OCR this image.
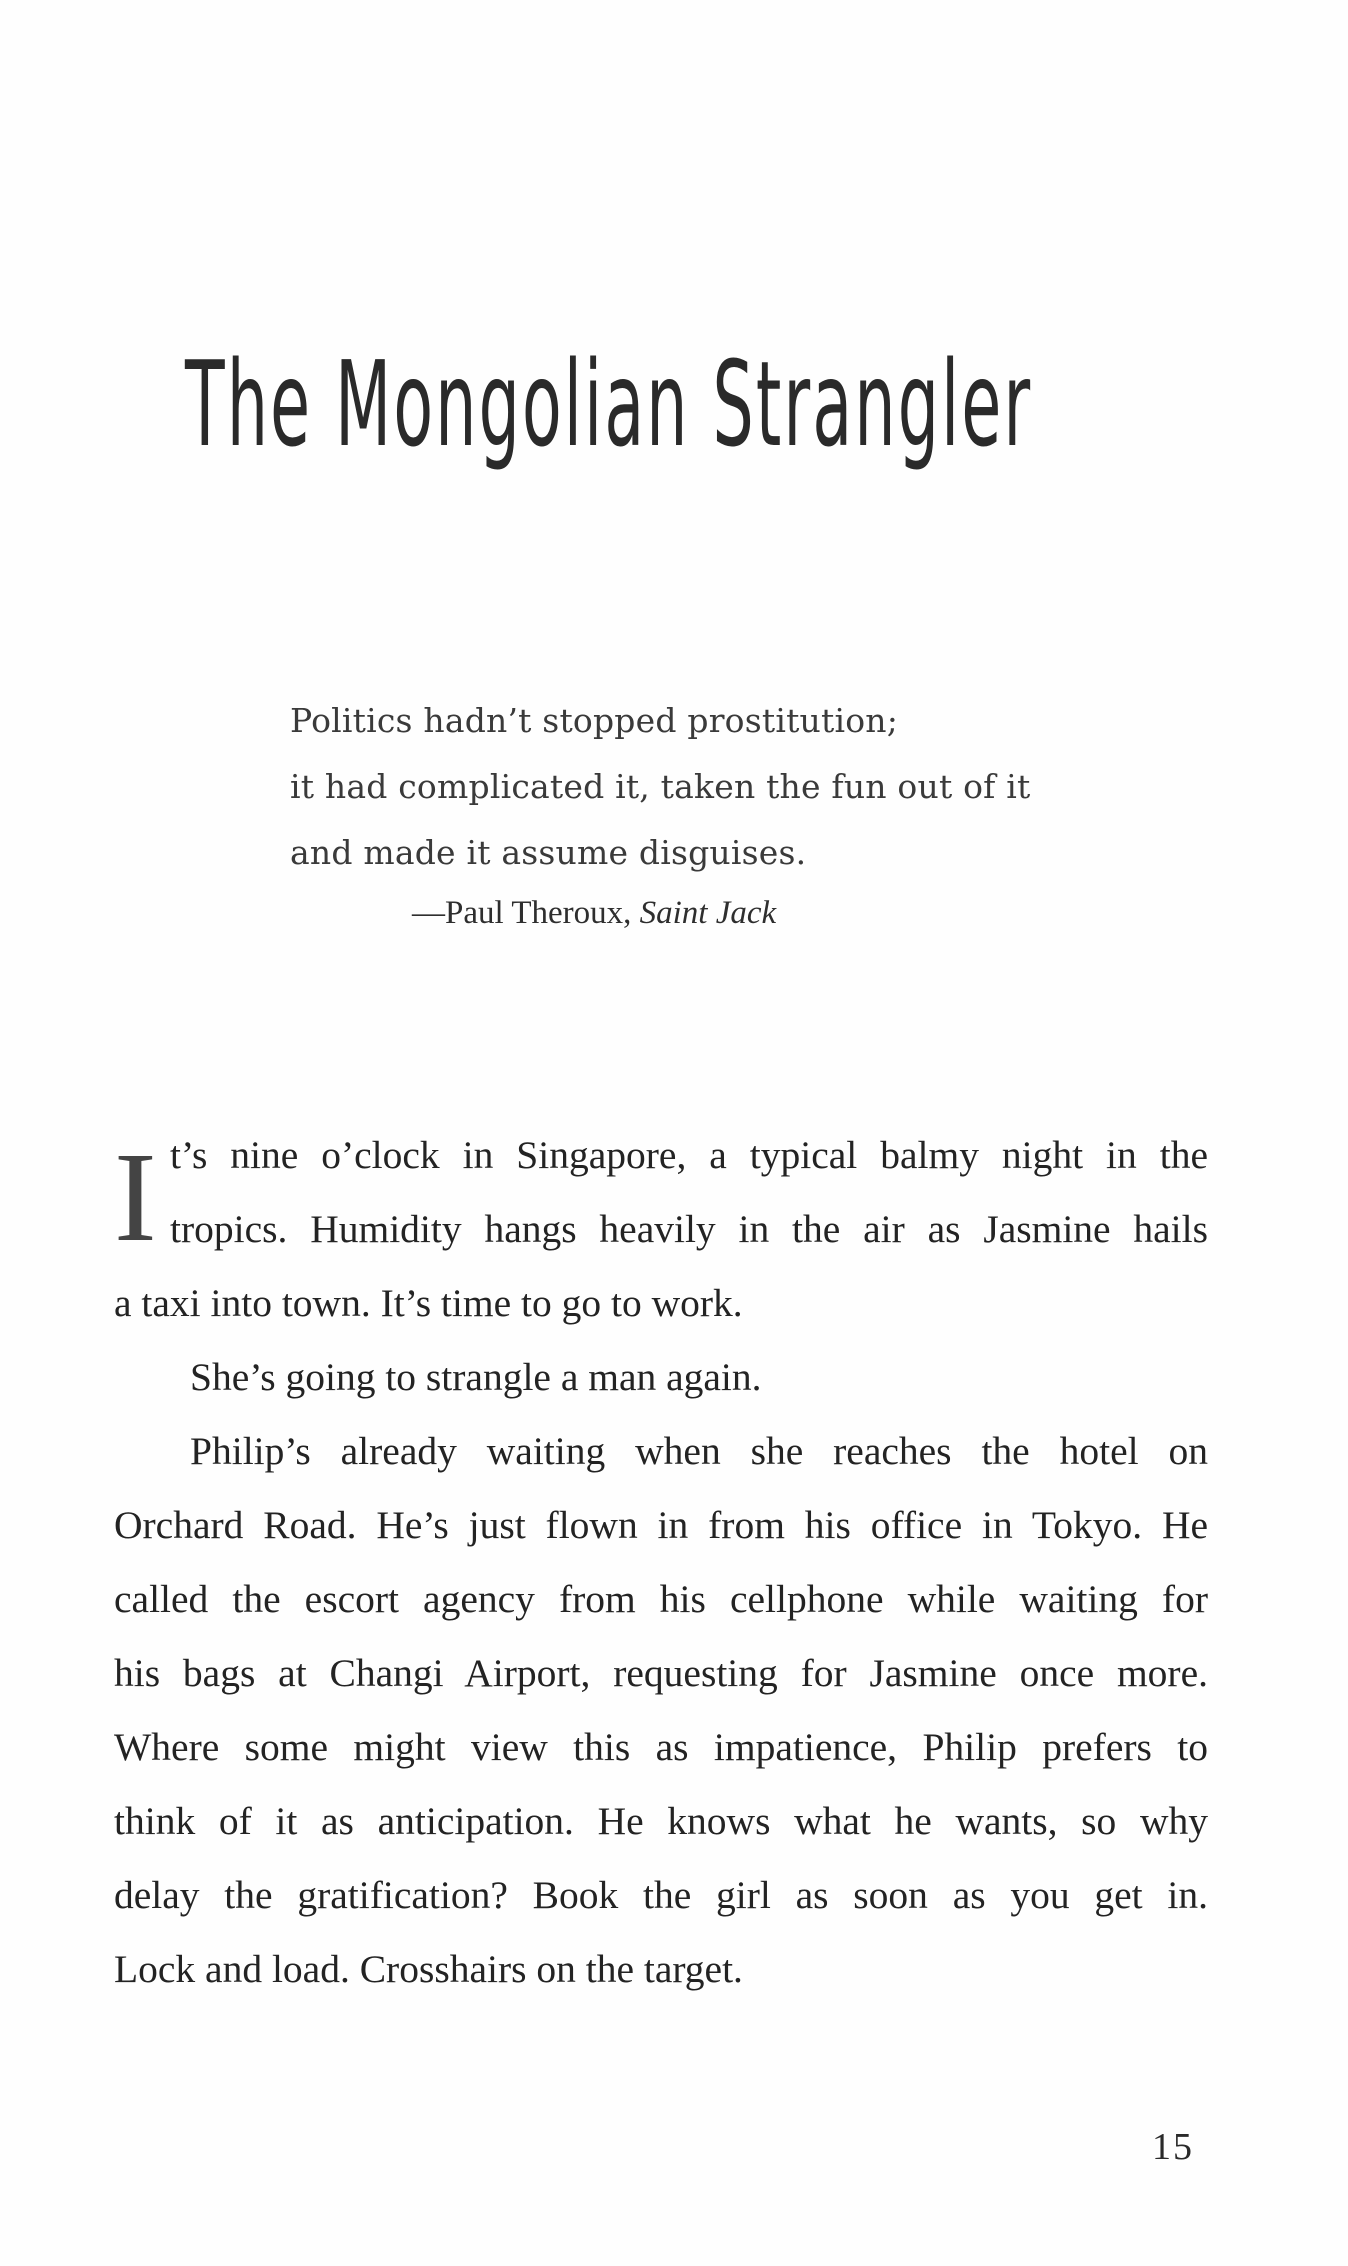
The Mongolian Strangler
Politics hadn’t stopped prostitution;
it had complicated it, taken the fun out of it
and made it assume disguises.
—Paul Theroux, Saint Jack
I t’s nine o’clock in Singapore, a typical balmy night in the
tropics. Humidity hangs heavily in the air as Jasmine hails
a taxi into town. It’s time to go to work.

She’s going to strangle a man again.

Philip’s already waiting when she reaches the hotel on
Orchard Road. He’s just flown in from his office in Tokyo. He
called the escort agency from his cellphone while waiting for
his bags at Changi Airport, requesting for Jasmine once more.
Where some might view this as impatience, Philip prefers to
think of it as anticipation. He knows what he wants, so why
delay the gratification? Book the girl as soon as you get in.
Lock and load. Crosshairs on the target.

15
